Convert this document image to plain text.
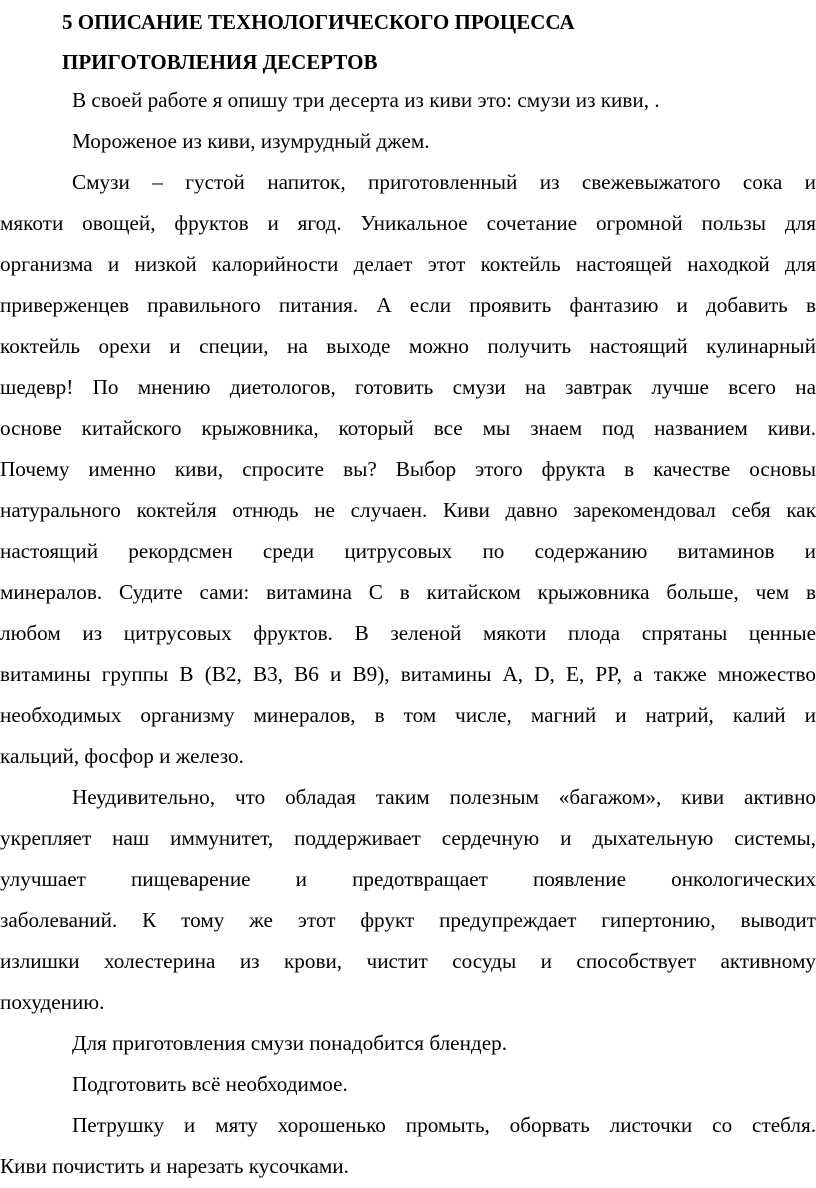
5 ОПИСАНИЕ ТЕХНОЛОГИЧЕСКОГО ПРОЦЕССА
ПРИГОТОВЛЕНИЯ ДЕСЕРТОВ

В своей работе я опишу три десерта из киви это: смузи из киви, .

Мороженое из киви, изумрудный джем.

Смузи – густой напиток, приготовленный из свежевыжатого сока и
мякоти овощей, фруктов и ягод. Уникальное сочетание огромной пользы для
организма и низкой калорийности делает этот коктейль настоящей находкой для
приверженцев правильного питания. А если проявить фантазию и добавить в
коктейль орехи и специи, на выходе можно получить настоящий кулинарный
шедевр! По мнению диетологов, готовить смузи на завтрак лучше всего на
основе китайского крыжовника, который все мы знаем под названием киви.
Почему именно киви, спросите вы? Выбор этого фрукта в качестве основы
натурального коктейля отнюдь не случаен. Киви давно зарекомендовал себя как
настоящий рекордсмен среди цитрусовых по содержанию витаминов и
минералов. Судите сами: витамина С в китайском крыжовника больше, чем в
любом из цитрусовых фруктов. В зеленой мякоти плода спрятаны ценные
витамины группы B (B2, B3, B6 и B9), витамины A, D, E, PP, а также множество
необходимых организму минералов, в том числе, магний и натрий, калий и
кальций, фосфор и железо.

Неудивительно, что обладая таким полезным «багажом», киви активно
укрепляет наш иммунитет, поддерживает сердечную и дыхательную системы,
улучшает пищеварение и предотвращает появление онкологических
заболеваний. К тому же этот фрукт предупреждает гипертонию, выводит
излишки холестерина из крови, чистит сосуды и способствует активному
похудению.

Для приготовления смузи понадобится блендер.

Подготовить всё необходимое.

Петрушку и мяту хорошенько промыть, оборвать листочки со стебля.
Киви почистить и нарезать кусочками.
